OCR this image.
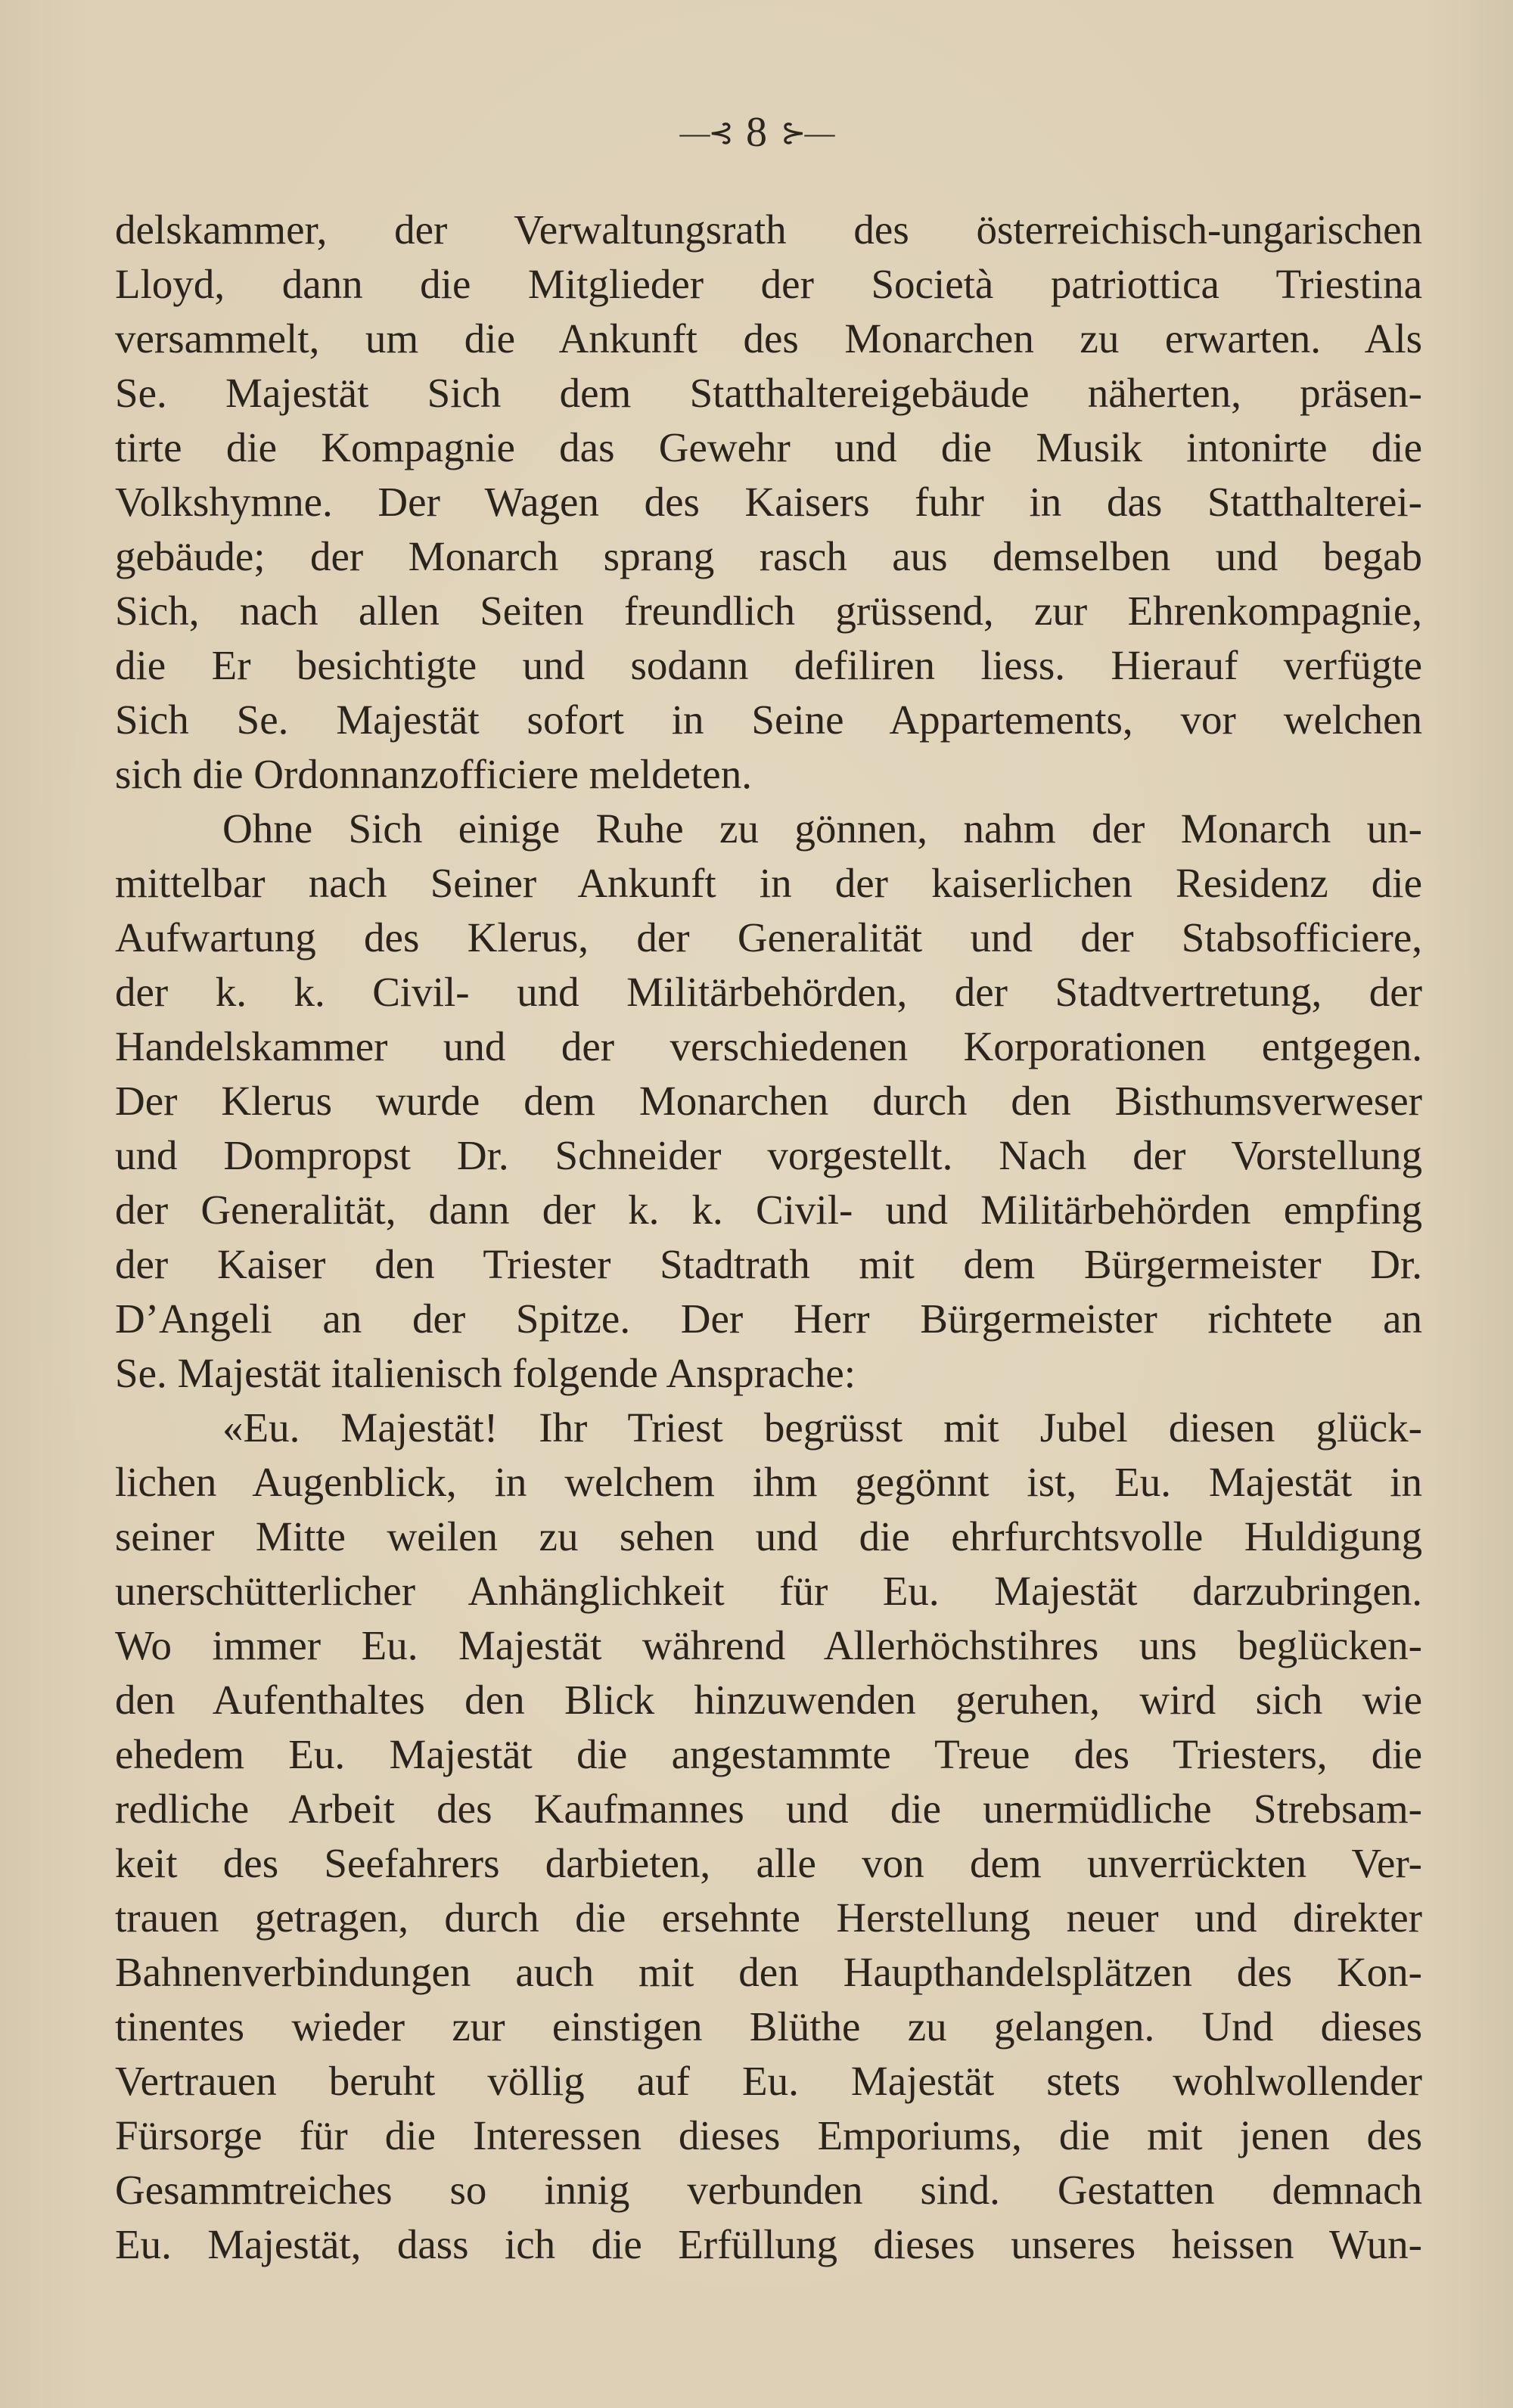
—⊰ 8 ⊱—
delskammer, der Verwaltungsrath des österreichisch-ungarischen
Lloyd, dann die Mitglieder der Società patriottica Triestina
versammelt, um die Ankunft des Monarchen zu erwarten. Als
Se. Majestät Sich dem Statthaltereigebäude näherten, präsen-
tirte die Kompagnie das Gewehr und die Musik intonirte die
Volkshymne. Der Wagen des Kaisers fuhr in das Statthalterei-
gebäude; der Monarch sprang rasch aus demselben und begab
Sich, nach allen Seiten freundlich grüssend, zur Ehrenkompagnie,
die Er besichtigte und sodann defiliren liess. Hierauf verfügte
Sich Se. Majestät sofort in Seine Appartements, vor welchen
sich die Ordonnanzofficiere meldeten.
Ohne Sich einige Ruhe zu gönnen, nahm der Monarch un-
mittelbar nach Seiner Ankunft in der kaiserlichen Residenz die
Aufwartung des Klerus, der Generalität und der Stabsofficiere,
der k. k. Civil- und Militärbehörden, der Stadtvertretung, der
Handelskammer und der verschiedenen Korporationen entgegen.
Der Klerus wurde dem Monarchen durch den Bisthumsverweser
und Dompropst Dr. Schneider vorgestellt. Nach der Vorstellung
der Generalität, dann der k. k. Civil- und Militärbehörden empfing
der Kaiser den Triester Stadtrath mit dem Bürgermeister Dr.
D’Angeli an der Spitze. Der Herr Bürgermeister richtete an
Se. Majestät italienisch folgende Ansprache:
«Eu. Majestät! Ihr Triest begrüsst mit Jubel diesen glück-
lichen Augenblick, in welchem ihm gegönnt ist, Eu. Majestät in
seiner Mitte weilen zu sehen und die ehrfurchtsvolle Huldigung
unerschütterlicher Anhänglichkeit für Eu. Majestät darzubringen.
Wo immer Eu. Majestät während Allerhöchstihres uns beglücken-
den Aufenthaltes den Blick hinzuwenden geruhen, wird sich wie
ehedem Eu. Majestät die angestammte Treue des Triesters, die
redliche Arbeit des Kaufmannes und die unermüdliche Strebsam-
keit des Seefahrers darbieten, alle von dem unverrückten Ver-
trauen getragen, durch die ersehnte Herstellung neuer und direkter
Bahnenverbindungen auch mit den Haupthandelsplätzen des Kon-
tinentes wieder zur einstigen Blüthe zu gelangen. Und dieses
Vertrauen beruht völlig auf Eu. Majestät stets wohlwollender
Fürsorge für die Interessen dieses Emporiums, die mit jenen des
Gesammtreiches so innig verbunden sind. Gestatten demnach
Eu. Majestät, dass ich die Erfüllung dieses unseres heissen Wun-
